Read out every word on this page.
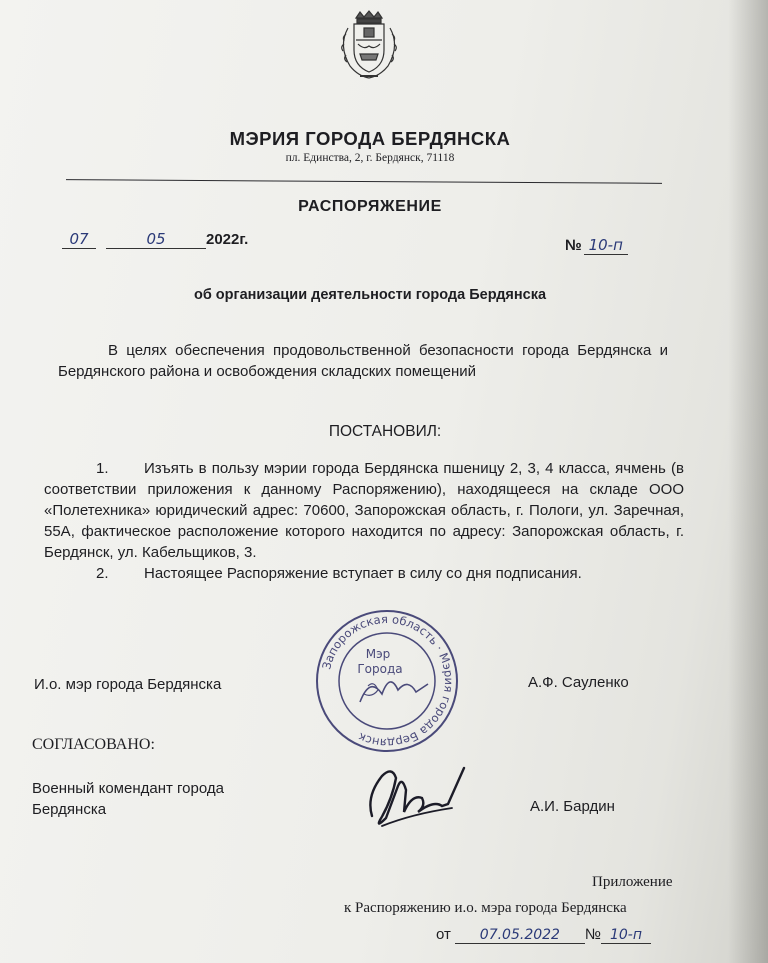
МЭРИЯ ГОРОДА БЕРДЯНСКА
пл. Единства, 2, г. Бердянск, 71118
РАСПОРЯЖЕНИЕ
07	05	2022г.	№ 10-п
об организации деятельности города Бердянска
В целях обеспечения продовольственной безопасности города Бердянска и Бердянского района и освобождения складских помещений
ПОСТАНОВИЛ:
1. Изъять в пользу мэрии города Бердянска пшеницу 2, 3, 4 класса, ячмень (в соответствии приложения к данному Распоряжению), находящееся на складе ООО «Полетехника» юридический адрес: 70600, Запорожская область, г. Пологи, ул. Заречная, 55А, фактическое расположение которого находится по адресу: Запорожская область, г. Бердянск, ул. Кабельщиков, 3.
2. Настоящее Распоряжение вступает в силу со дня подписания.
И.о. мэр города Бердянска	А.Ф. Сауленко
Запорожская область · Мэрия города Бердянск
Мэр
Города
СОГЛАСОВАНО:
Военный комендант города Бердянска	А.И. Бардин
Приложение
к Распоряжению и.о. мэра города Бердянска
от 07.05.2022 № 10-п
